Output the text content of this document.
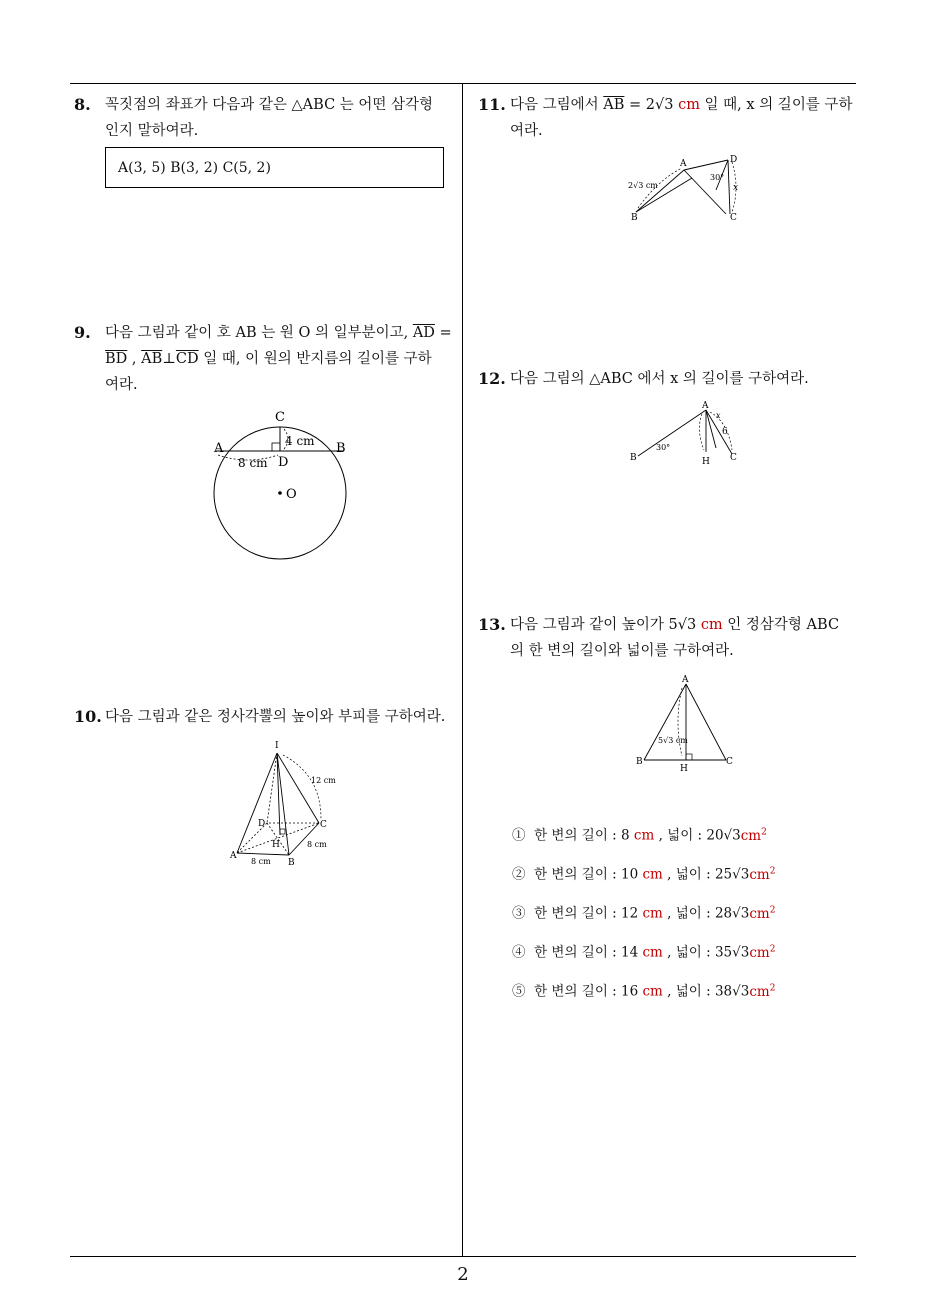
8. 꼭짓점의 좌표가 다음과 같은 △ABC 는 어떤 삼각형
인지 말하여라.
A(3, 5) B(3, 2) C(5, 2)
9. 다음 그림과 같이 호 AB 는 원 O 의 일부분이고, $\overline{AD}$ =
$\overline{BD}$ , $\overline{AB}\perp\overline{CD}$ 일 때, 이 원의 반지름의 길이를 구하
여라.
C
A	B
D
O
4 cm
8 cm
10. 다음 그림과 같은 정사각뿔의 높이와 부피를 구하여라.
I
12 cm
D	C
H	8 cm
A
8 cm B
11. 다음 그림에서 $\overline{AB} = 2√3$ cm 일 때, x 의 길이를 구하
여라.
A	D
2√3 cm
30°
x
B	C
12. 다음 그림의 △ABC 에서 x 의 길이를 구하여라.
A
6
x
30°
B	H C
13. 다음 그림과 같이 높이가 5√3 cm 인 정삼각형 ABC
의 한 변의 길이와 넓이를 구하여라.
A
5√3 cm
B
H
C
① 한 변의 길이 : 8 cm , 넓이 : $20√3cm^2$
② 한 변의 길이 : 10 cm , 넓이 : $25√3cm^2$
③ 한 변의 길이 : 12 cm , 넓이 : $28√3cm^2$
④ 한 변의 길이 : 14 cm , 넓이 : $35√3cm^2$
⑤ 한 변의 길이 : 16 cm , 넓이 : $38√3cm^2$
2
